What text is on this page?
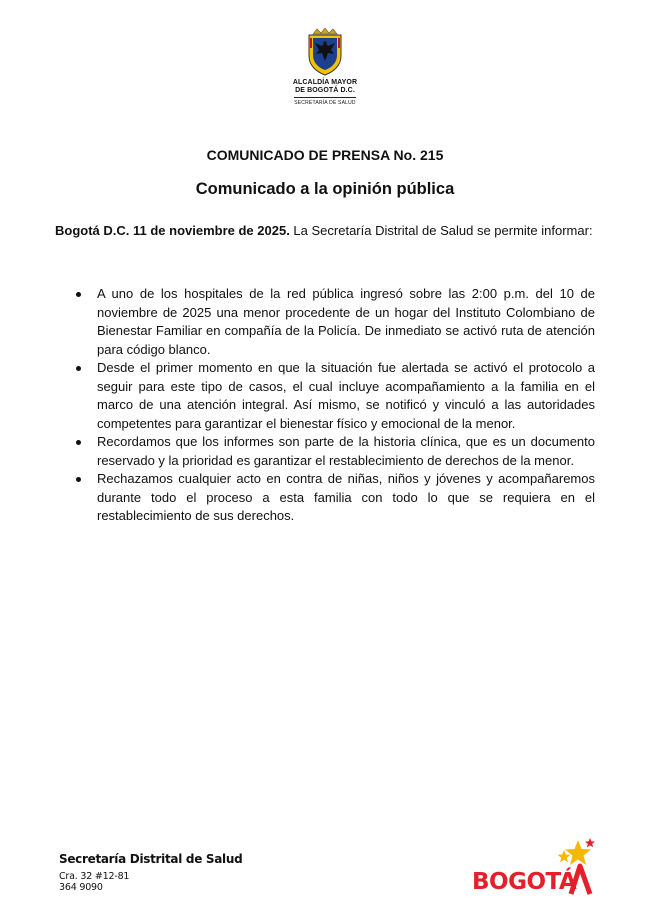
ALCALDÍA MAYOR
DE BOGOTÁ D.C.
SECRETARÍA DE SALUD
COMUNICADO DE PRENSA No. 215
Comunicado a la opinión pública

Bogotá D.C. 11 de noviembre de 2025. La Secretaría Distrital de Salud se permite informar:

A uno de los hospitales de la red pública ingresó sobre las 2:00 p.m. del 10 de noviembre de 2025 una menor procedente de un hogar del Instituto Colombiano de Bienestar Familiar en compañía de la Policía. De inmediato se activó ruta de atención para código blanco.
Desde el primer momento en que la situación fue alertada se activó el protocolo a seguir para este tipo de casos, el cual incluye acompañamiento a la familia en el marco de una atención integral. Así mismo, se notificó y vinculó a las autoridades competentes para garantizar el bienestar físico y emocional de la menor.
Recordamos que los informes son parte de la historia clínica, que es un documento reservado y la prioridad es garantizar el restablecimiento de derechos de la menor.
Rechazamos cualquier acto en contra de niñas, niños y jóvenes y acompañaremos durante todo el proceso a esta familia con todo lo que se requiera en el restablecimiento de sus derechos.
Secretaría Distrital de Salud
Cra. 32 #12-81
364 9090	BOGOTÁ
